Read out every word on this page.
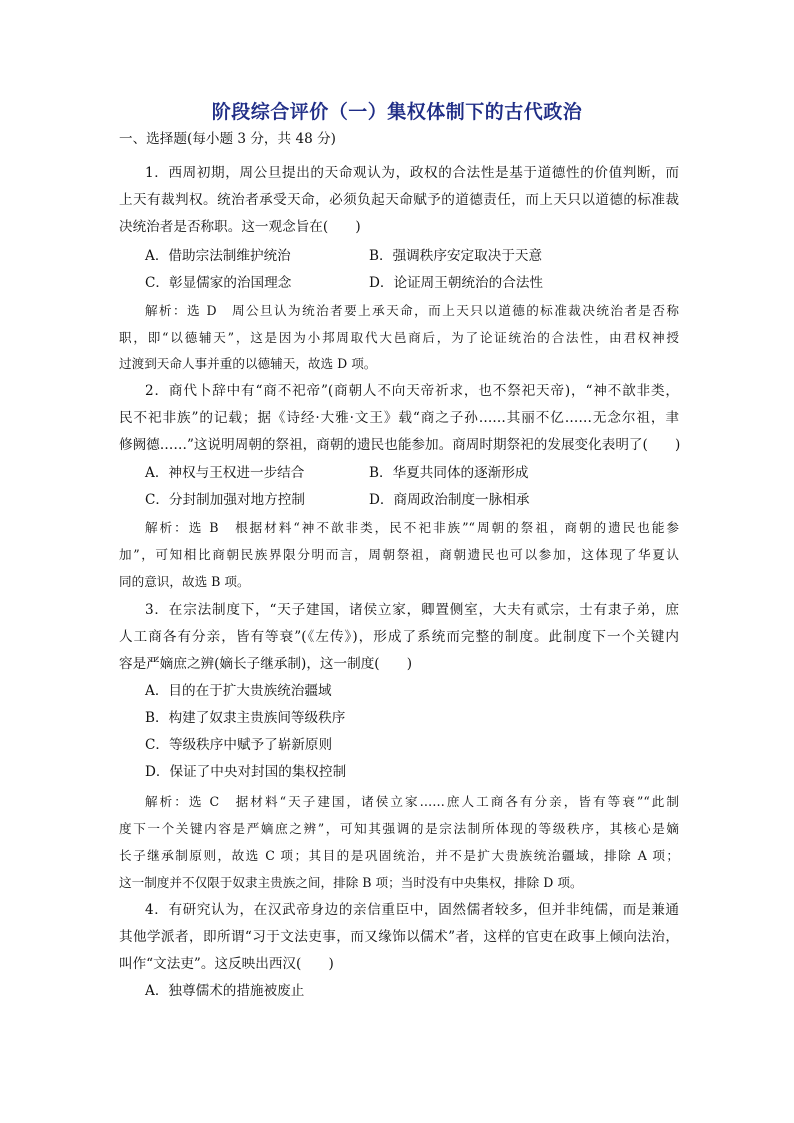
阶段综合评价（一）集权体制下的古代政治
一、选择题(每小题 3 分，共 48 分)
1．西周初期，周公旦提出的天命观认为，政权的合法性是基于道德性的价值判断，而
上天有裁判权。统治者承受天命，必须负起天命赋予的道德责任，而上天只以道德的标准裁
决统治者是否称职。这一观念旨在(　　)
A．借助宗法制维护统治	B．强调秩序安定取决于天意
C．彰显儒家的治国理念	D．论证周王朝统治的合法性
解析：选 D　周公旦认为统治者要上承天命，而上天只以道德的标准裁决统治者是否称
职，即“以德辅天”，这是因为小邦周取代大邑商后，为了论证统治的合法性，由君权神授
过渡到天命人事并重的以德辅天，故选 D 项。
2．商代卜辞中有“商不祀帝”(商朝人不向天帝祈求，也不祭祀天帝)，“神不歆非类，
民不祀非族”的记载；据《诗经·大雅·文王》载“商之子孙……其丽不亿……无念尔祖，聿
修阙德……”这说明周朝的祭祖，商朝的遗民也能参加。商周时期祭祀的发展变化表明了(　　)
A．神权与王权进一步结合	B．华夏共同体的逐渐形成
C．分封制加强对地方控制	D．商周政治制度一脉相承
解析：选 B　根据材料“神不歆非类，民不祀非族”“周朝的祭祖，商朝的遗民也能参
加”，可知相比商朝民族界限分明而言，周朝祭祖，商朝遗民也可以参加，这体现了华夏认
同的意识，故选 B 项。
3．在宗法制度下，“天子建国，诸侯立家，卿置侧室，大夫有贰宗，士有隶子弟，庶
人工商各有分亲，皆有等衰”(《左传》)，形成了系统而完整的制度。此制度下一个关键内
容是严嫡庶之辨(嫡长子继承制)，这一制度(　　)
A．目的在于扩大贵族统治疆域
B．构建了奴隶主贵族间等级秩序
C．等级秩序中赋予了崭新原则
D．保证了中央对封国的集权控制
解析：选 C　据材料“天子建国，诸侯立家……庶人工商各有分亲，皆有等衰”“此制
度下一个关键内容是严嫡庶之辨”，可知其强调的是宗法制所体现的等级秩序，其核心是嫡
长子继承制原则，故选 C 项；其目的是巩固统治，并不是扩大贵族统治疆域，排除 A 项；
这一制度并不仅限于奴隶主贵族之间，排除 B 项；当时没有中央集权，排除 D 项。
4．有研究认为，在汉武帝身边的亲信重臣中，固然儒者较多，但并非纯儒，而是兼通
其他学派者，即所谓“习于文法吏事，而又缘饰以儒术”者，这样的官吏在政事上倾向法治，
叫作“文法吏”。这反映出西汉(　　)
A．独尊儒术的措施被废止
